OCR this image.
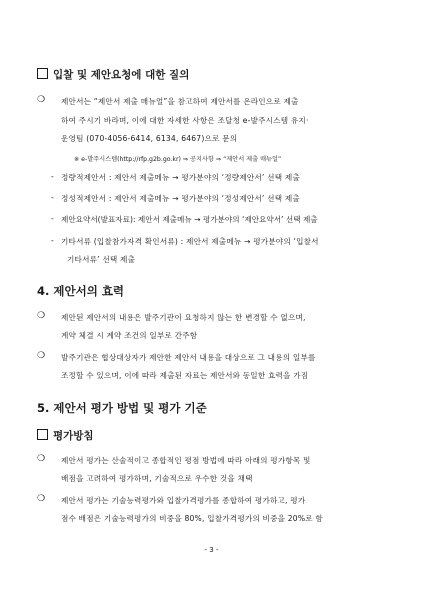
입찰 및 제안요청에 대한 질의
❍ 제안서는 “제안서 제출 매뉴얼”을 참고하여 제안서를 온라인으로 제출
하여 주시기 바라며, 이에 대한 자세한 사항은 조달청 e-발주시스템 유지·
운영팀 (070-4056-6414, 6134, 6467)으로 문의
※ e-발주시스템(http://rfp.g2b.go.kr) ⇒ 공지사항 ⇒ “제안서 제출 매뉴얼”
- 정량적제안서 : 제안서 제출메뉴 → 평가분야의 ‘정량제안서’ 선택 제출
- 정성적제안서 : 제안서 제출메뉴 → 평가분야의 ‘정성제안서’ 선택 제출
- 제안요약서(발표자료): 제안서 제출메뉴 → 평가분야의 ‘제안요약서’ 선택 제출
- 기타서류 (입찰참가자격 확인서류) : 제안서 제출메뉴 → 평가분야의 ‘입찰서
기타서류’ 선택 제출
4. 제안서의 효력
❍ 제안된 제안서의 내용은 발주기관이 요청하지 않는 한 변경할 수 없으며,
계약 체결 시 계약 조건의 일부로 간주함
❍ 발주기관은 협상대상자가 제안한 제안서 내용을 대상으로 그 내용의 일부를
조정할 수 있으며, 이에 따라 제출된 자료는 제안서와 동일한 효력을 가짐
5. 제안서 평가 방법 및 평가 기준
평가방침
❍ 제안서 평가는 산술적이고 종합적인 평점 방법에 따라 아래의 평가항목 및
배점을 고려하여 평가하며, 기술적으로 우수한 것을 채택
❍ 제안서 평가는 기술능력평가와 입찰가격평가를 종합하여 평가하고, 평가
점수 배점은 기술능력평가의 비중을 80%, 입찰가격평가의 비중을 20%로 함
- 3 -
